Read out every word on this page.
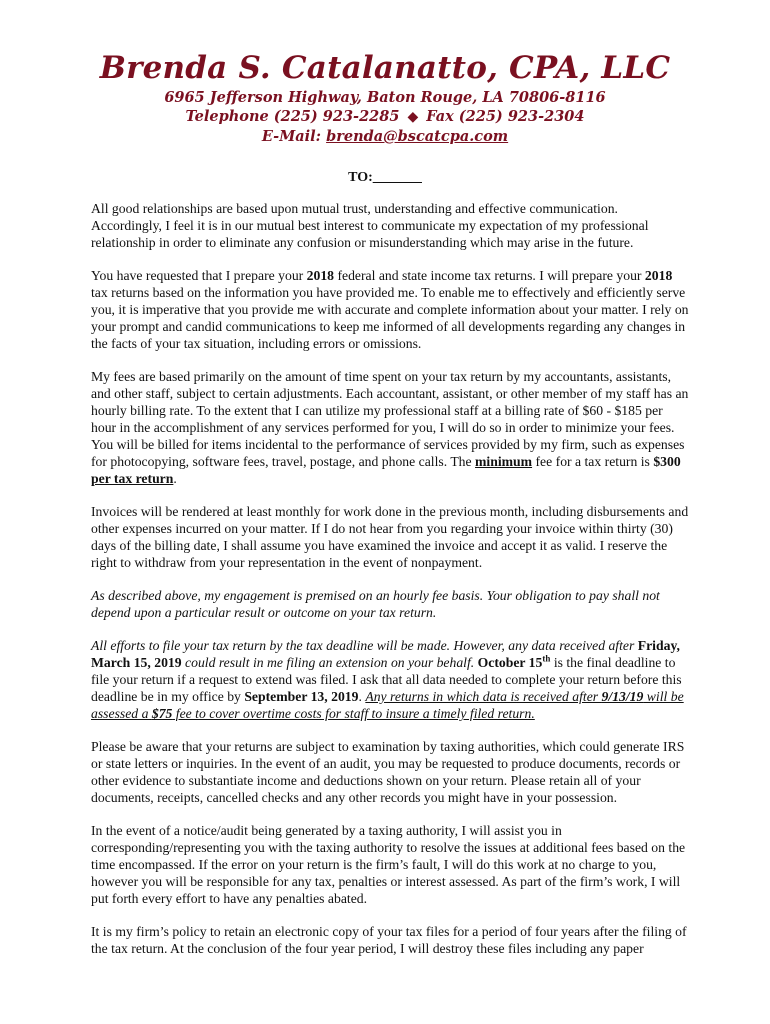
Brenda S. Catalanatto, CPA, LLC
6965 Jefferson Highway, Baton Rouge, LA 70806-8116
Telephone (225) 923-2285 ◆ Fax (225) 923-2304
E-Mail: brenda@bscatcpa.com
TO:_ _ _ _ _

All good relationships are based upon mutual trust, understanding and effective communication. Accordingly, I feel it is in our mutual best interest to communicate my expectation of my professional relationship in order to eliminate any confusion or misunderstanding which may arise in the future.

You have requested that I prepare your 2018 federal and state income tax returns. I will prepare your 2018 tax returns based on the information you have provided me. To enable me to effectively and efficiently serve you, it is imperative that you provide me with accurate and complete information about your matter. I rely on your prompt and candid communications to keep me informed of all developments regarding any changes in the facts of your tax situation, including errors or omissions.

My fees are based primarily on the amount of time spent on your tax return by my accountants, assistants, and other staff, subject to certain adjustments. Each accountant, assistant, or other member of my staff has an hourly billing rate. To the extent that I can utilize my professional staff at a billing rate of $60 - $185 per hour in the accomplishment of any services performed for you, I will do so in order to minimize your fees. You will be billed for items incidental to the performance of services provided by my firm, such as expenses for photocopying, software fees, travel, postage, and phone calls. The minimum fee for a tax return is $300 per tax return.

Invoices will be rendered at least monthly for work done in the previous month, including disbursements and other expenses incurred on your matter. If I do not hear from you regarding your invoice within thirty (30) days of the billing date, I shall assume you have examined the invoice and accept it as valid. I reserve the right to withdraw from your representation in the event of nonpayment.

As described above, my engagement is premised on an hourly fee basis. Your obligation to pay shall not depend upon a particular result or outcome on your tax return.

All efforts to file your tax return by the tax deadline will be made. However, any data received after Friday, March 15, 2019 could result in me filing an extension on your behalf. October 15th is the final deadline to file your return if a request to extend was filed. I ask that all data needed to complete your return before this deadline be in my office by September 13, 2019. Any returns in which data is received after 9/13/19 will be assessed a $75 fee to cover overtime costs for staff to insure a timely filed return.

Please be aware that your returns are subject to examination by taxing authorities, which could generate IRS or state letters or inquiries. In the event of an audit, you may be requested to produce documents, records or other evidence to substantiate income and deductions shown on your return. Please retain all of your documents, receipts, cancelled checks and any other records you might have in your possession.

In the event of a notice/audit being generated by a taxing authority, I will assist you in corresponding/representing you with the taxing authority to resolve the issues at additional fees based on the time encompassed. If the error on your return is the firm’s fault, I will do this work at no charge to you, however you will be responsible for any tax, penalties or interest assessed. As part of the firm’s work, I will put forth every effort to have any penalties abated.

It is my firm’s policy to retain an electronic copy of your tax files for a period of four years after the filing of the tax return. At the conclusion of the four year period, I will destroy these files including any paper
